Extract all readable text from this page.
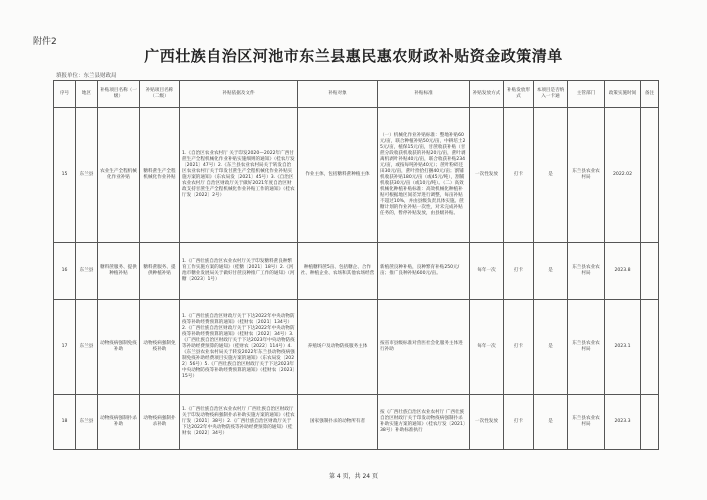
附件2
广西壮族自治区河池市东兰县惠民惠农财政补贴资金政策清单
填报单位：东兰县财政局
序号	地区	补贴项目名称（一级）	补贴项目名称（二级）	补贴依据及文件	补贴对象	补贴标准	补贴发放方式	补贴发放形式	本项目是否纳入一卡通	主管部门	政策实施时间	备注
15	东兰县	农业生产全程机械化作业补贴	糖料蔗生产全程机械化作业补贴	1.《自治区农业农村厅 关于印发2020—2022年广西甘蔗生产全程机械化作业补贴实施细则的通知》（桂农厅发〔2021〕47号）2.《东兰县农业农村局关于转发自治区农业农村厅关于印发甘蔗生产全程机械化作业补贴实施方案的通知》（东农局发〔2021〕45号）3.《自治区农业农村厅 自治区财政厅关于做好2021年度自治区财政支持甘蔗生产全程机械化作业补贴工作的通知》（桂农厅发〔2022〕2号）	作业主体，包括糖料蔗种植主体	（一）机械化作业补贴标准：整地补贴60元/亩，联合种植补贴50元/亩，中耕培土25元/亩，植保15元/亩，甘蔗收获补贴（甘蔗分段收获机收获的补贴20元/亩，蔗叶剥离机剥叶补贴40元/亩，联合收获补贴234元/亩，或按每吨补贴40元）；蔗叶粉碎还田30元/亩，蔗叶捡拾打捆40元/亩；割铺机收获补贴180元/亩（或45元/吨），割铺机收获30元/亩（或10元/吨）。（二）高效机械化种植补贴标准：高效机械化种植补贴可根据地区间差异进行调整，每亩补贴不超过10%，并由县级负责具体实施。蔗糖计划的作业补贴一次性，对未完成补贴任务的，暂停补贴发放，由县级补贴。	一次性发放	打卡	是	东兰县农业农村局	2022.02	
16	东兰县	糖料蔗服务、提供种植补贴	糖料蔗服务、提供种植补贴	1.《广西壮族自治区农业农村厅关于印发糖料蔗良种繁育工作实施方案的通知》（桂糖〔2021〕18号）2.《河池市糖业发展局关于做好甘蔗良种推广工作的通知》（河糖〔2023〕1号）	种植糖料蔗5亩、包括糖企、合作社、种植企业、农场和其他农场经营	新植蔗良种补贴，良种繁育补贴250元/亩；推广良种补贴600元/亩。	每年一次	打卡	是	东兰县农业农村局	2023.8	
17	东兰县	动物疫病强制免疫补助	动物疫病强制免疫补助	1.《广西壮族自治区财政厅关于下达2022年中央动物防疫等补助经费预算的通知》（桂财农〔2021〕134号）2.《广西壮族自治区财政厅关于下达2022年中央动物防疫等补助经费预算的通知》（桂财农〔2022〕34号）3.《广西壮族自治区财政厅关于下达2023年中央动物防疫等补助经费预算的通知》（桂财农〔2022〕114号）4.《东兰县农业农村局关于转发2022年东兰县动物疫病强制免疫补助经费项目实施方案的通知》（东农局发〔2022〕56号）5.《广西壮族自治区财政厅关于下达2023年中央动物防疫等补助经费预算的通知》（桂财农〔2023〕15号）	养殖场户及动物防疫服务主体	按省市县级标准对兽医社会化服务主体进行补助	每年一次	打卡	是	东兰县农业农村局	2023.1	
18	东兰县	动物疫病强制扑杀补助	动物疫病强制扑杀补助	1.《广西壮族自治区农业农村厅 广西壮族自治区财政厅关于印发动物疫病强制扑杀补助实施方案的通知》（桂农厅发〔2021〕38号）2.《广西壮族自治区财政厅关于下达2022年中央动物防疫等补助经费预算的通知》（桂财农〔2022〕34号）	国家强制扑杀的动物所有者	按《广西壮族自治区农业农村厅 广西壮族自治区财政厅关于印发动物疫病强制扑杀补助实施方案的通知》（桂农厅发〔2021〕38号）补助标准执行	一次性发放	打卡	是	东兰县农业农村局	2023.3	
第 4 页，共 24 页
